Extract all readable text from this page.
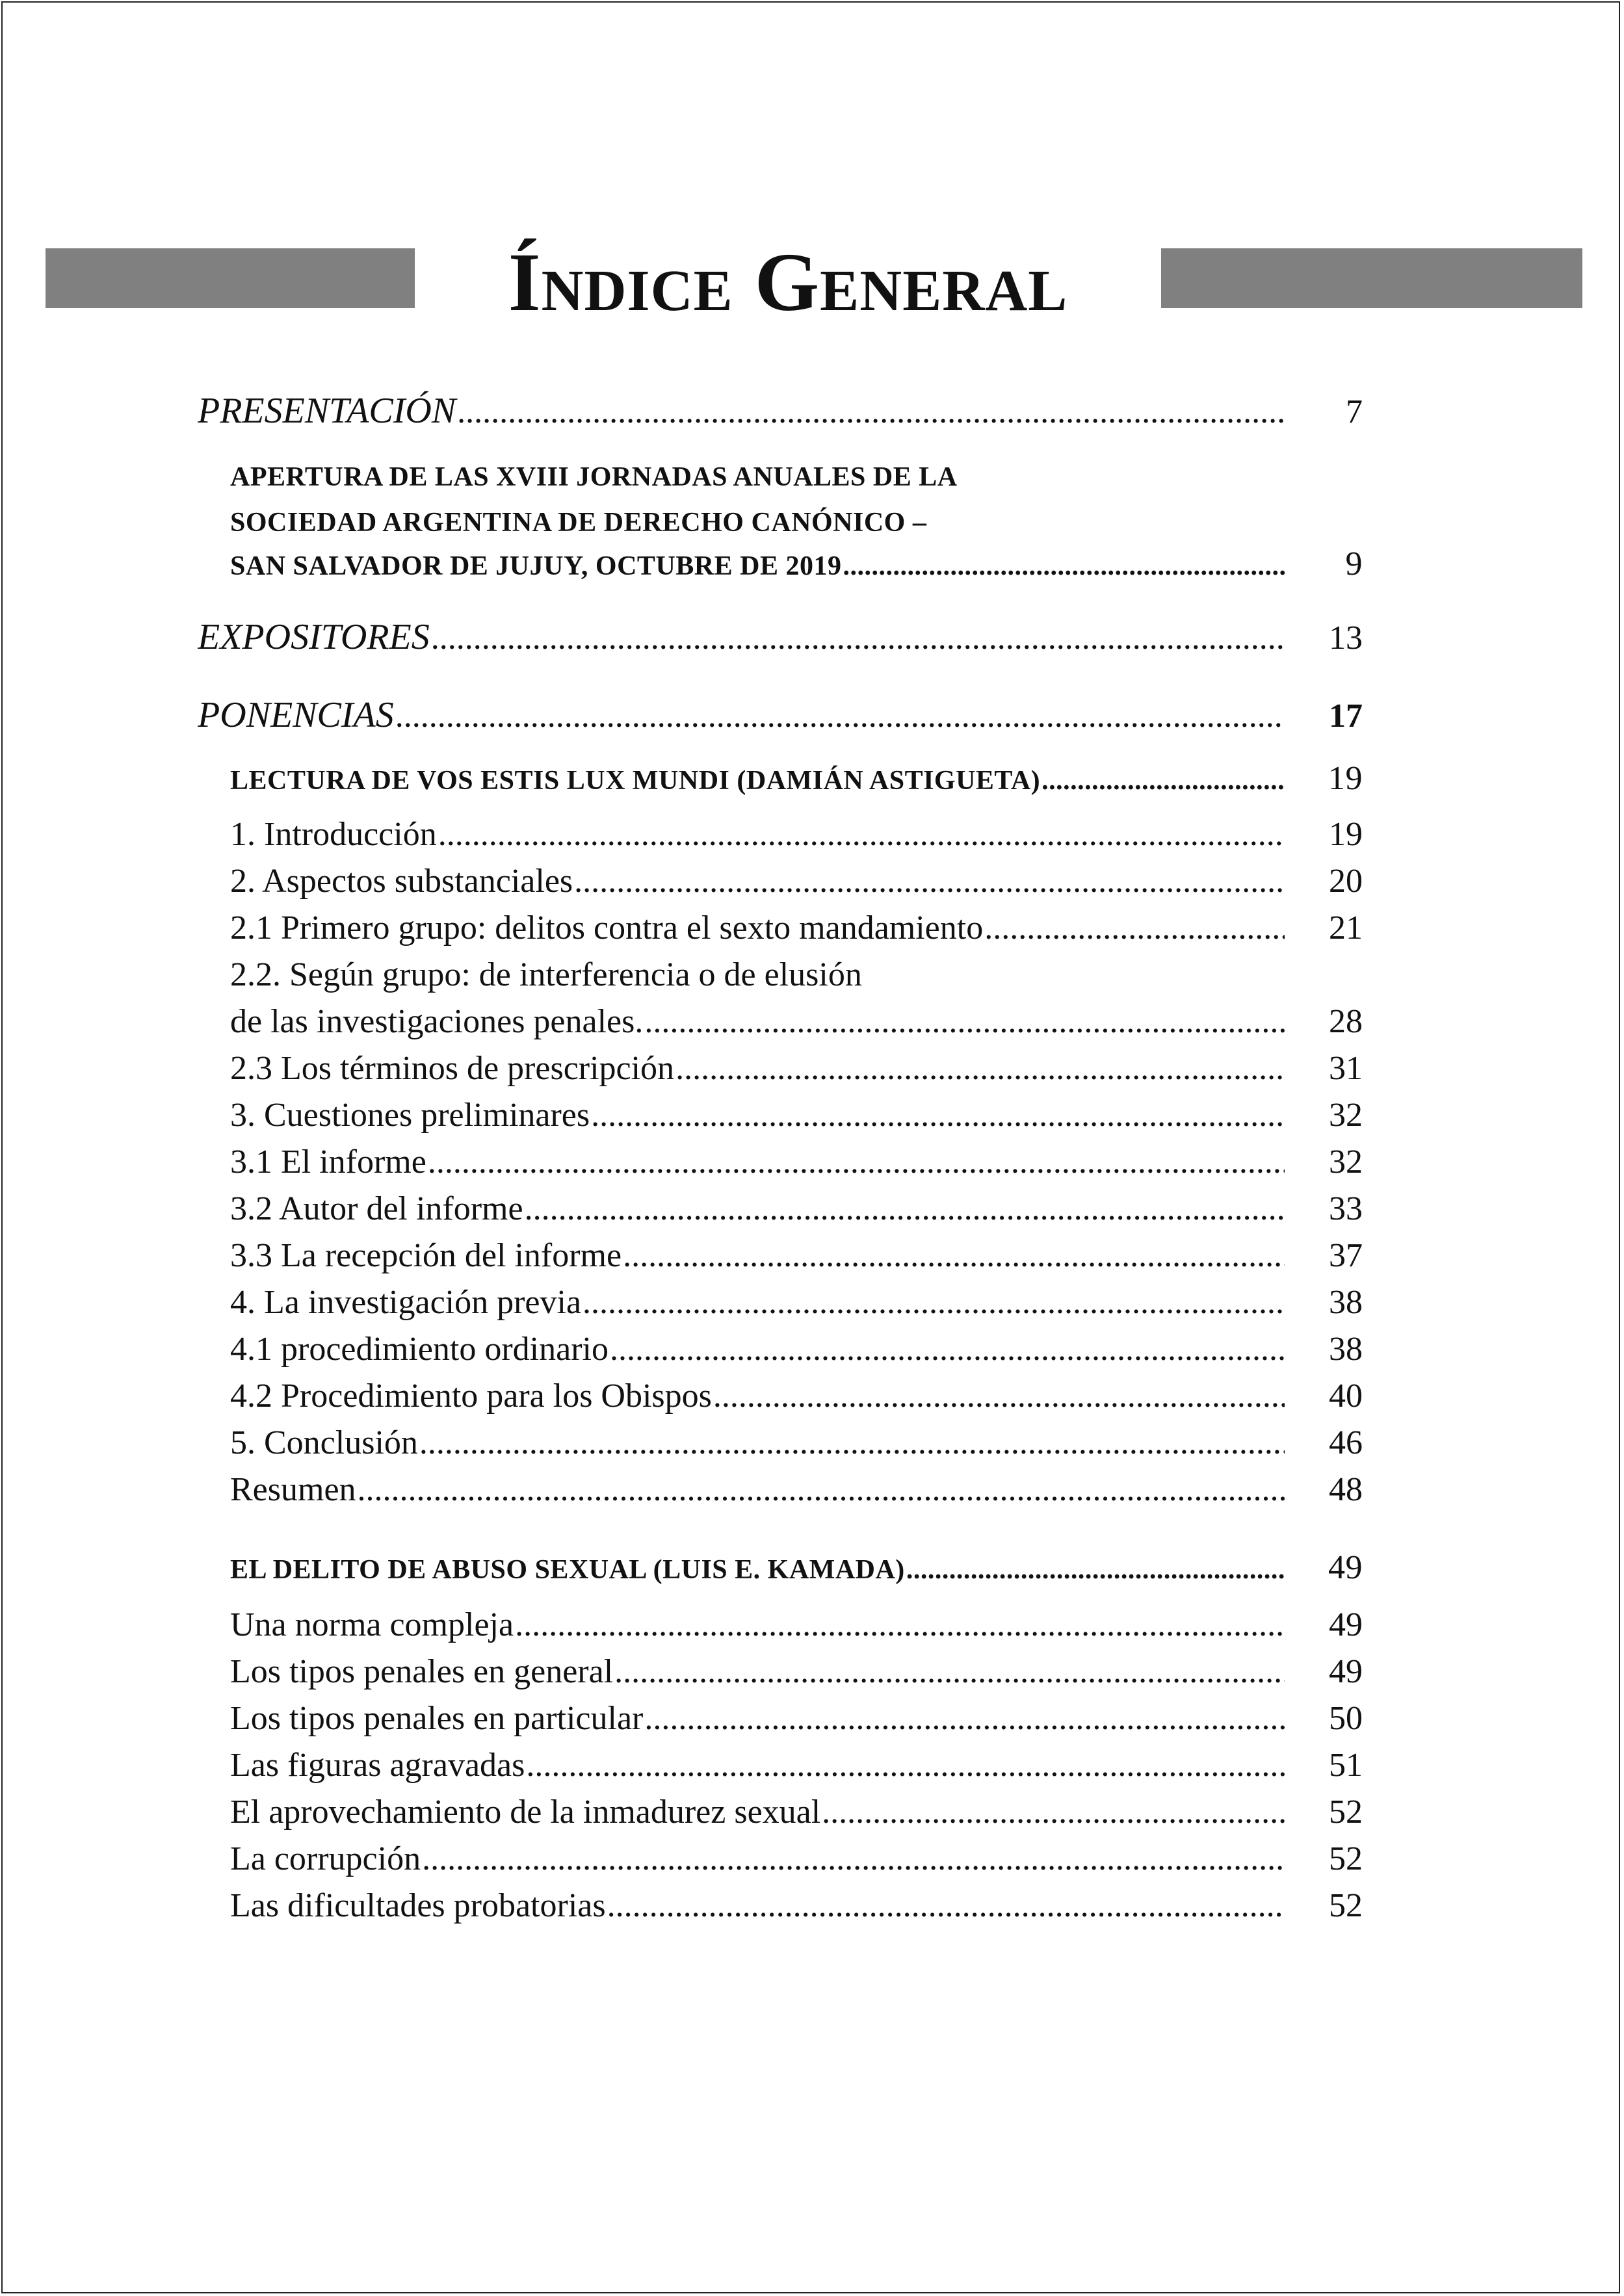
Índice General
PRESENTACIÓN .....	7
APERTURA DE LAS XVIII JORNADAS ANUALES DE LA
SOCIEDAD ARGENTINA DE DERECHO CANÓNICO –
SAN SALVADOR DE JUJUY, OCTUBRE DE 2019 .....	9
EXPOSITORES .....	13
PONENCIAS .....	17
LECTURA DE VOS ESTIS LUX MUNDI (DAMIÁN ASTIGUETA) .....	19
1. Introducción .....	19
2. Aspectos substanciales .....	20
2.1 Primero grupo: delitos contra el sexto mandamiento .....	21
2.2. Según grupo: de interferencia o de elusión
de las investigaciones penales. .....	28
2.3 Los términos de prescripción .....	31
3. Cuestiones preliminares .....	32
3.1 El informe .....	32
3.2 Autor del informe .....	33
3.3 La recepción del informe .....	37
4. La investigación previa .....	38
4.1 procedimiento ordinario .....	38
4.2 Procedimiento para los Obispos .....	40
5. Conclusión .....	46
Resumen .....	48
EL DELITO DE ABUSO SEXUAL (LUIS E. KAMADA) .....	49
Una norma compleja .....	49
Los tipos penales en general .....	49
Los tipos penales en particular .....	50
Las figuras agravadas .....	51
El aprovechamiento de la inmadurez sexual .....	52
La corrupción .....	52
Las dificultades probatorias .....	52
